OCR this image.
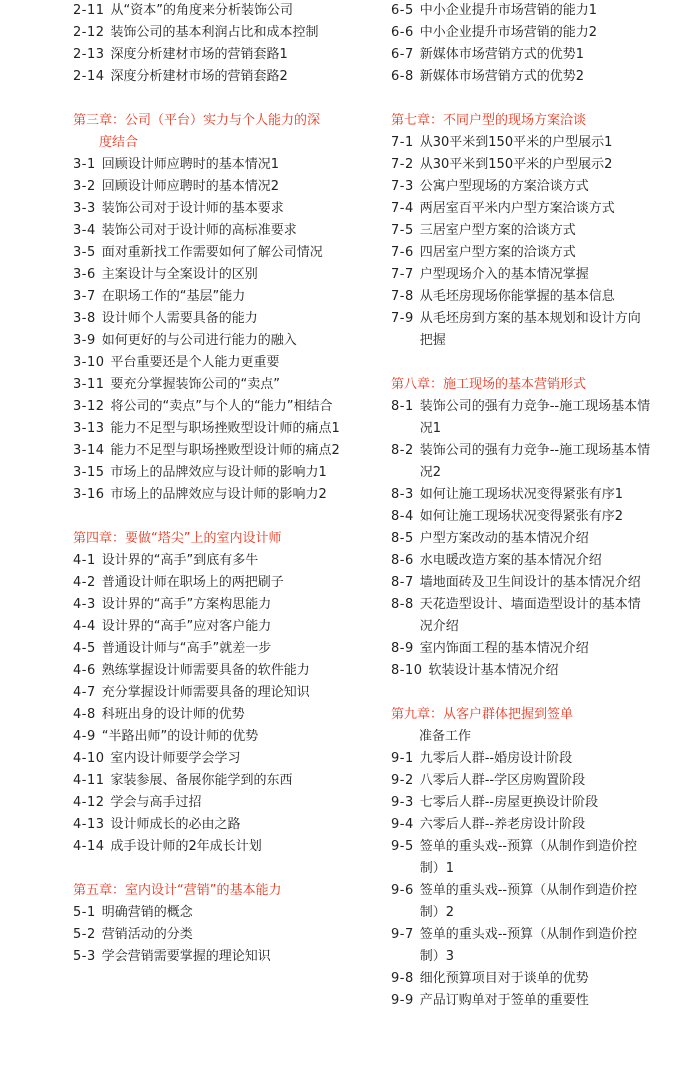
2-11 从“资本”的角度来分析装饰公司
2-12 装饰公司的基本利润占比和成本控制
2-13 深度分析建材市场的营销套路1
2-14 深度分析建材市场的营销套路2
第三章：公司（平台）实力与个人能力的深
度结合
3-1 回顾设计师应聘时的基本情况1
3-2 回顾设计师应聘时的基本情况2
3-3 装饰公司对于设计师的基本要求
3-4 装饰公司对于设计师的高标准要求
3-5 面对重新找工作需要如何了解公司情况
3-6 主案设计与全案设计的区别
3-7 在职场工作的“基层”能力
3-8 设计师个人需要具备的能力
3-9 如何更好的与公司进行能力的融入
3-10 平台重要还是个人能力更重要
3-11 要充分掌握装饰公司的“卖点”
3-12 将公司的“卖点”与个人的“能力”相结合
3-13 能力不足型与职场挫败型设计师的痛点1
3-14 能力不足型与职场挫败型设计师的痛点2
3-15 市场上的品牌效应与设计师的影响力1
3-16 市场上的品牌效应与设计师的影响力2
第四章：要做“塔尖”上的室内设计师
4-1 设计界的“高手”到底有多牛
4-2 普通设计师在职场上的两把刷子
4-3 设计界的“高手”方案构思能力
4-4 设计界的“高手”应对客户能力
4-5 普通设计师与“高手”就差一步
4-6 熟练掌握设计师需要具备的软件能力
4-7 充分掌握设计师需要具备的理论知识
4-8 科班出身的设计师的优势
4-9 “半路出师”的设计师的优势
4-10 室内设计师要学会学习
4-11 家装参展、备展你能学到的东西
4-12 学会与高手过招
4-13 设计师成长的必由之路
4-14 成手设计师的2年成长计划
第五章：室内设计“营销”的基本能力
5-1 明确营销的概念
5-2 营销活动的分类
5-3 学会营销需要掌握的理论知识
6-5 中小企业提升市场营销的能力1
6-6 中小企业提升市场营销的能力2
6-7 新媒体市场营销方式的优势1
6-8 新媒体市场营销方式的优势2
第七章：不同户型的现场方案洽谈
7-1 从30平米到150平米的户型展示1
7-2 从30平米到150平米的户型展示2
7-3 公寓户型现场的方案洽谈方式
7-4 两居室百平米内户型方案洽谈方式
7-5 三居室户型方案的洽谈方式
7-6 四居室户型方案的洽谈方式
7-7 户型现场介入的基本情况掌握
7-8 从毛坯房现场你能掌握的基本信息
7-9 从毛坯房到方案的基本规划和设计方向把握
第八章：施工现场的基本营销形式
8-1 装饰公司的强有力竞争--施工现场基本情况1
8-2 装饰公司的强有力竞争--施工现场基本情况2
8-3 如何让施工现场状况变得紧张有序1
8-4 如何让施工现场状况变得紧张有序2
8-5 户型方案改动的基本情况介绍
8-6 水电暖改造方案的基本情况介绍
8-7 墙地面砖及卫生间设计的基本情况介绍
8-8 天花造型设计、墙面造型设计的基本情况介绍
8-9 室内饰面工程的基本情况介绍
8-10 软装设计基本情况介绍
第九章：从客户群体把握到签单
准备工作
9-1 九零后人群--婚房设计阶段
9-2 八零后人群--学区房购置阶段
9-3 七零后人群--房屋更换设计阶段
9-4 六零后人群--养老房设计阶段
9-5 签单的重头戏--预算（从制作到造价控制）1
9-6 签单的重头戏--预算（从制作到造价控制）2
9-7 签单的重头戏--预算（从制作到造价控制）3
9-8 细化预算项目对于谈单的优势
9-9 产品订购单对于签单的重要性
